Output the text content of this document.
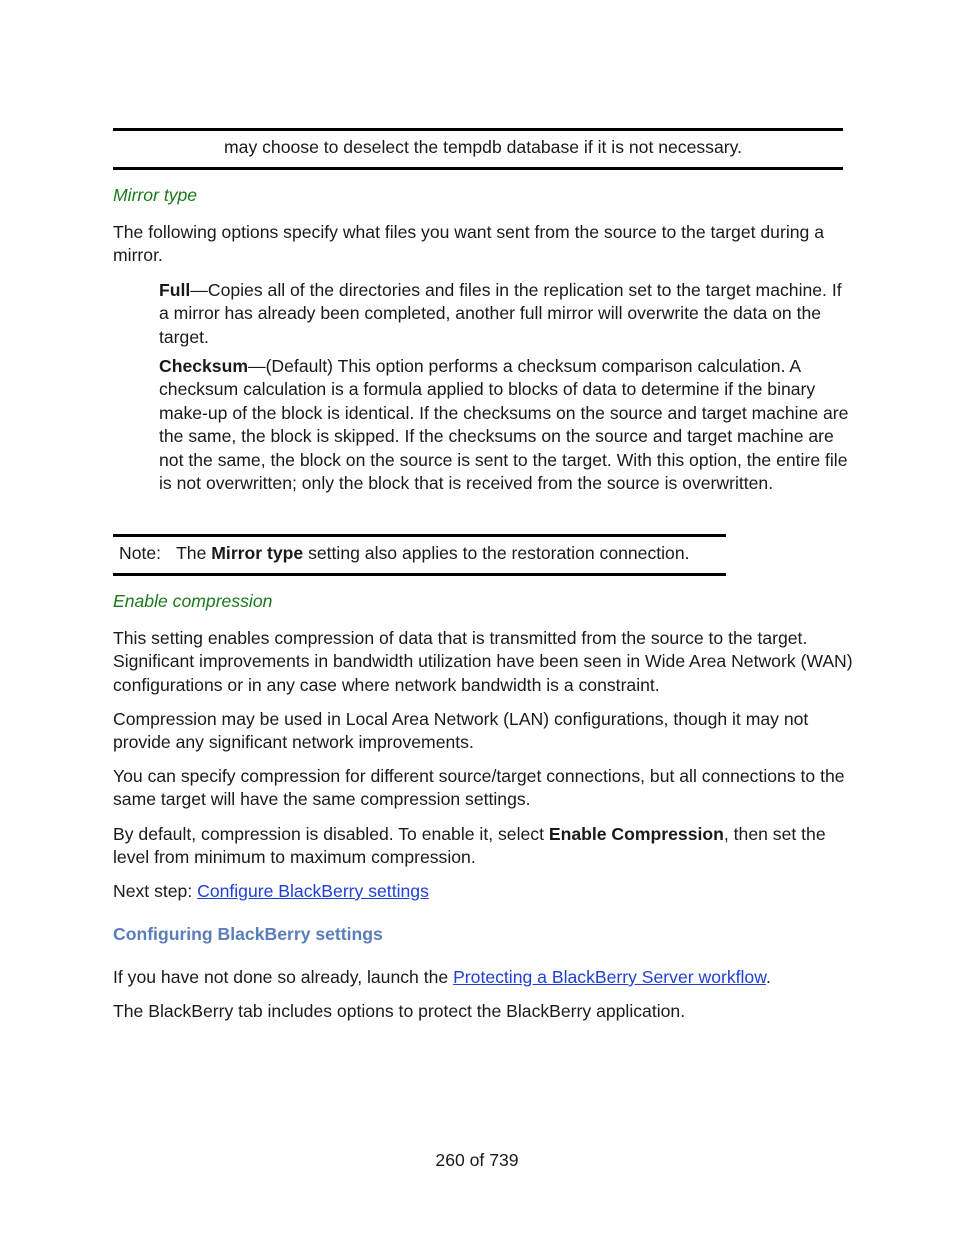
may choose to deselect the tempdb database if it is not necessary.
Mirror type
The following options specify what files you want sent from the source to the target during a mirror.
Full—Copies all of the directories and files in the replication set to the target machine. If a mirror has already been completed, another full mirror will overwrite the data on the target.
Checksum—(Default) This option performs a checksum comparison calculation. A checksum calculation is a formula applied to blocks of data to determine if the binary make-up of the block is identical. If the checksums on the source and target machine are the same, the block is skipped. If the checksums on the source and target machine are not the same, the block on the source is sent to the target. With this option, the entire file is not overwritten; only the block that is received from the source is overwritten.
Note: The Mirror type setting also applies to the restoration connection.
Enable compression
This setting enables compression of data that is transmitted from the source to the target. Significant improvements in bandwidth utilization have been seen in Wide Area Network (WAN) configurations or in any case where network bandwidth is a constraint.
Compression may be used in Local Area Network (LAN) configurations, though it may not provide any significant network improvements.
You can specify compression for different source/target connections, but all connections to the same target will have the same compression settings.
By default, compression is disabled. To enable it, select Enable Compression, then set the level from minimum to maximum compression.
Next step: Configure BlackBerry settings
Configuring BlackBerry settings
If you have not done so already, launch the Protecting a BlackBerry Server workflow.
The BlackBerry tab includes options to protect the BlackBerry application.
260 of 739
